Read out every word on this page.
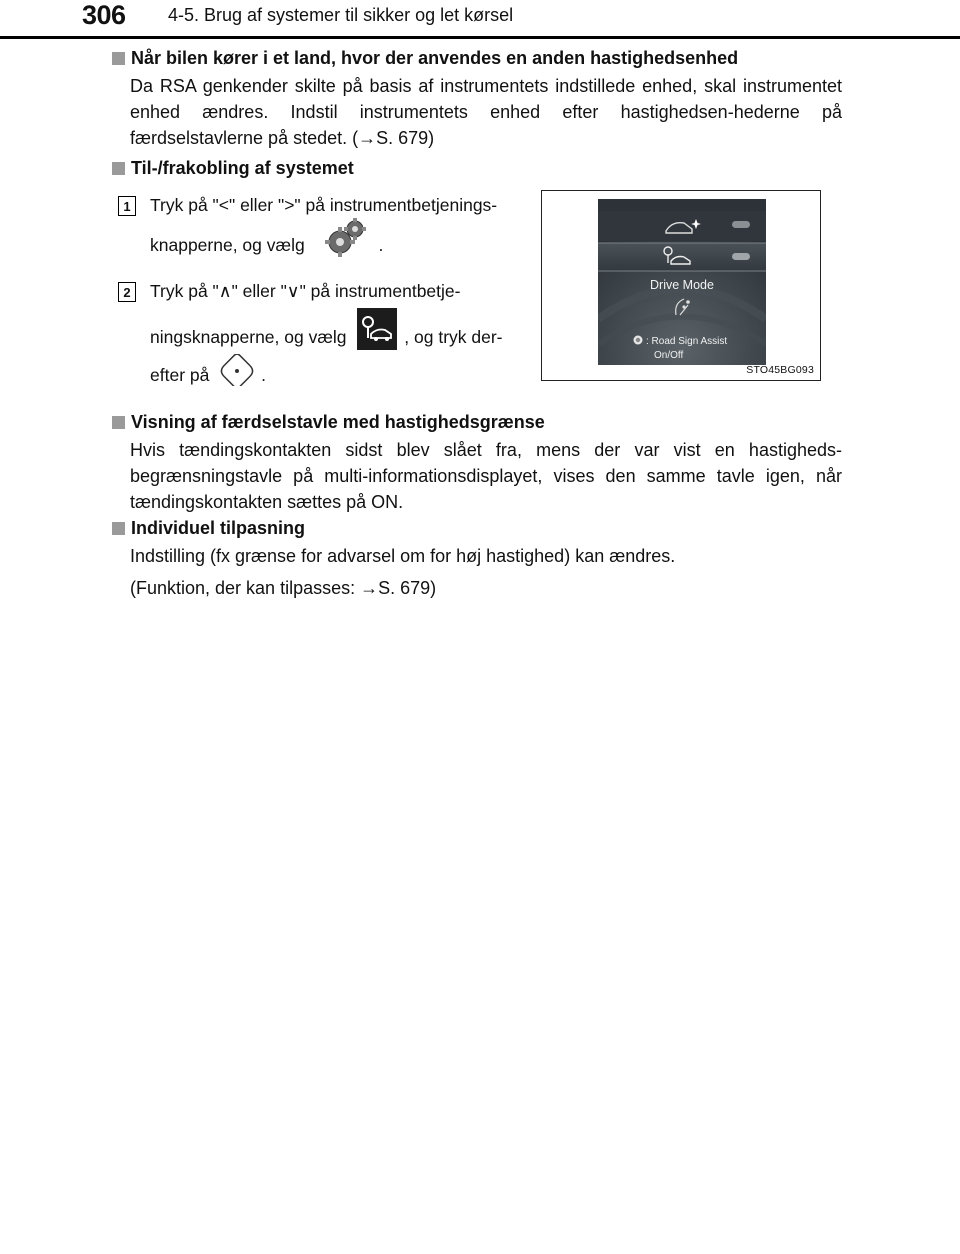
306 4-5. Brug af systemer til sikker og let kørsel
Når bilen kører i et land, hvor der anvendes en anden hastighedsenhed

Da RSA genkender skilte på basis af instrumentets indstillede enhed, skal instrumentet enhed ændres. Indstil instrumentets enhed efter hastighedsen-hederne på færdselstavlerne på stedet. (→S. 679)

Til-/frakobling af systemet
1	Tryk på "<" eller ">" på instrumentbetjenings-
knapperne, og vælg	.
2	Tryk på "∧" eller "∨" på instrumentbetje-
ningsknapperne, og vælg	, og tryk der-
efter på	.
Drive Mode
: Road Sign Assist
On/Off
STO45BG093
Visning af færdselstavle med hastighedsgrænse

Hvis tændingskontakten sidst blev slået fra, mens der var vist en hastigheds-begrænsningstavle på multi-informationsdisplayet, vises den samme tavle igen, når tændingskontakten sættes på ON.

Individuel tilpasning

Indstilling (fx grænse for advarsel om for høj hastighed) kan ændres.

(Funktion, der kan tilpasses: →S. 679)
